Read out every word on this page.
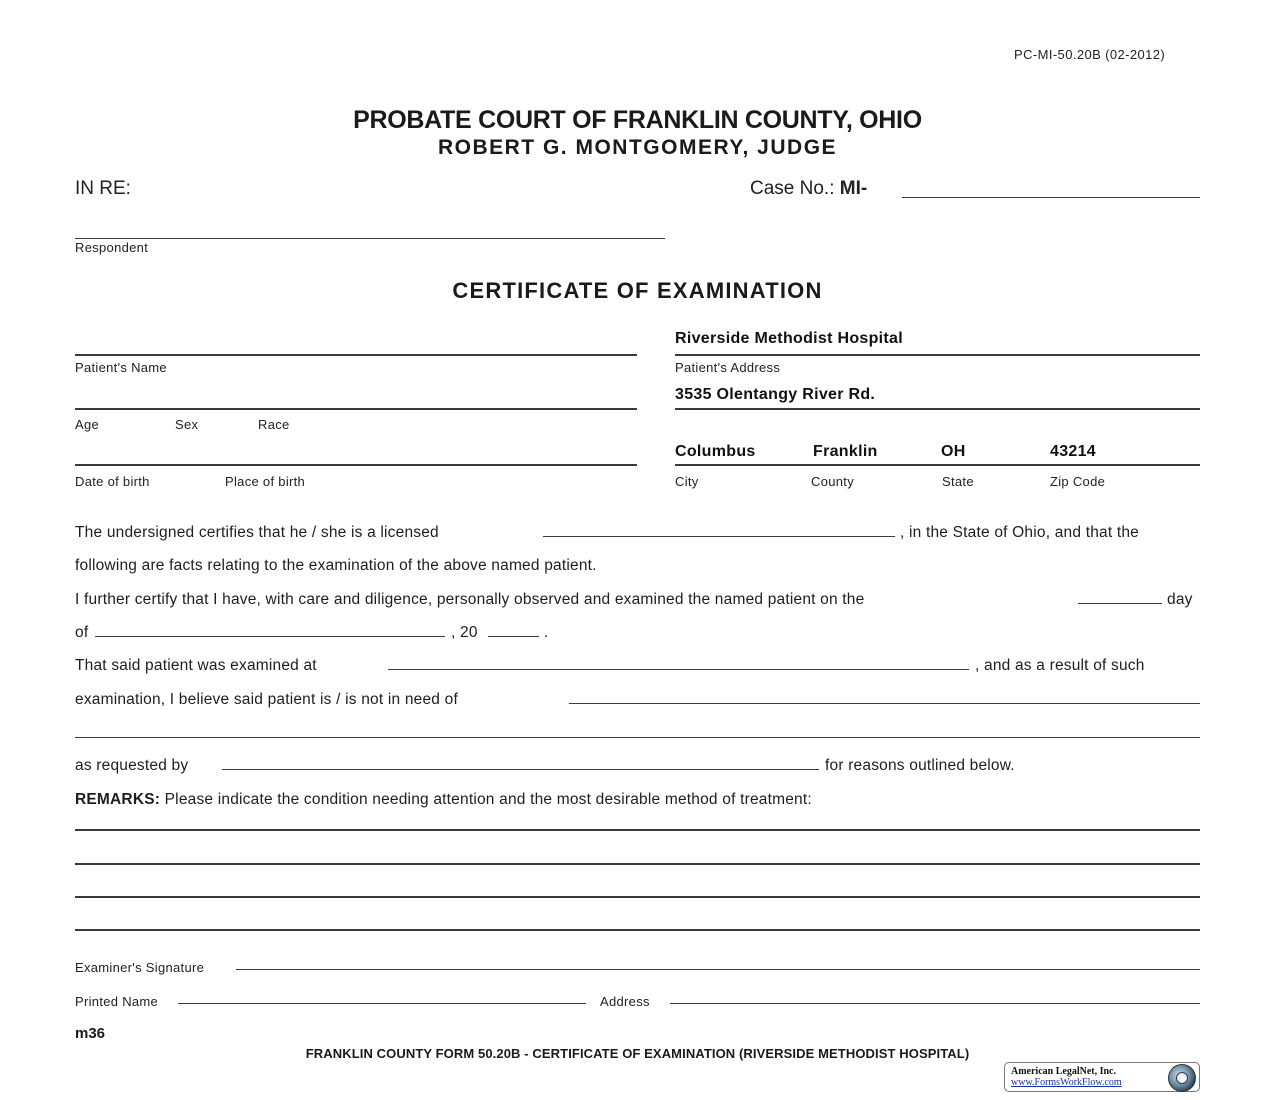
PC-MI-50.20B (02-2012)
PROBATE COURT OF FRANKLIN COUNTY, OHIO
ROBERT G. MONTGOMERY, JUDGE
IN RE:	Case No.: MI-
Respondent
CERTIFICATE OF EXAMINATION
Patient's Name
Age	Sex	Race
Date of birth	Place of birth
Riverside Methodist Hospital
Patient's Address
3535 Olentangy River Rd.
Columbus	Franklin	OH	43214
City	County	State	Zip Code
The undersigned certifies that he / she is a licensed	, in the State of Ohio, and that the
following are facts relating to the examination of the above named patient.
I further certify that I have, with care and diligence, personally observed and examined the named patient on the	day
of	, 20	.
That said patient was examined at	, and as a result of such
examination, I believe said patient is / is not in need of
as requested by	for reasons outlined below.
REMARKS: Please indicate the condition needing attention and the most desirable method of treatment:
Examiner's Signature
Printed Name	Address
m36
FRANKLIN COUNTY FORM 50.20B - CERTIFICATE OF EXAMINATION (RIVERSIDE METHODIST HOSPITAL)
American LegalNet, Inc.
www.FormsWorkFlow.com
